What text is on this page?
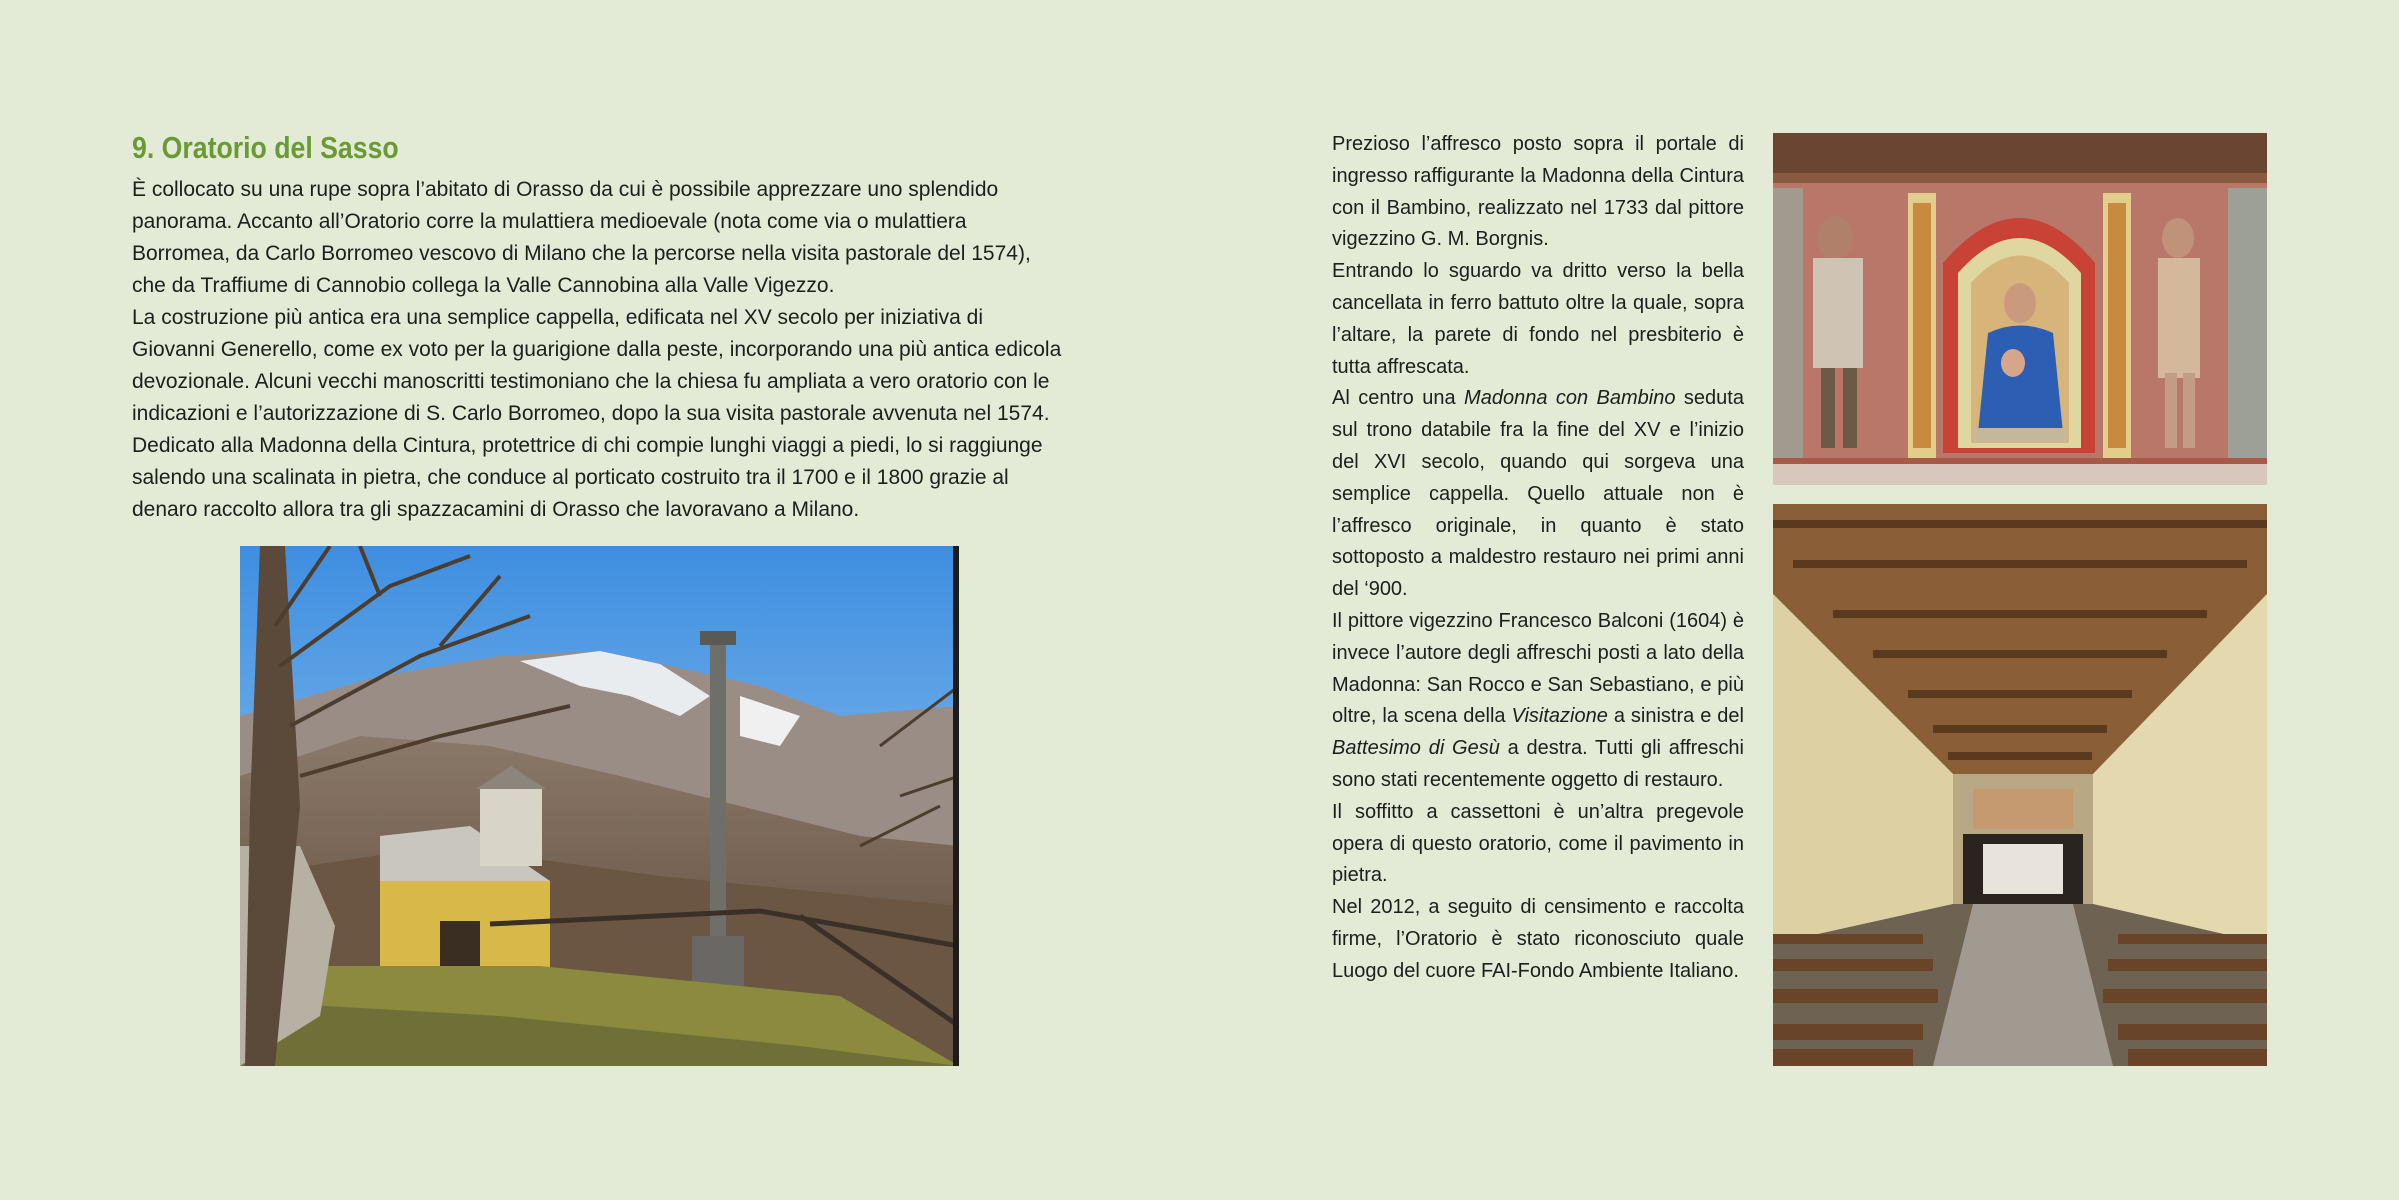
9. Oratorio del Sasso

È collocato su una rupe sopra l’abitato di Orasso da cui è possibile apprezzare uno splendido panorama. Accanto all’Oratorio corre la mulattiera medioevale (nota come via o mulattiera Borromea, da Carlo Borromeo vescovo di Milano che la percorse nella visita pastorale del 1574), che da Traffiume di Cannobio collega la Valle Cannobina alla Valle Vigezzo.

La costruzione più antica era una semplice cappella, edificata nel XV secolo per iniziativa di Giovanni Generello, come ex voto per la guarigione dalla peste, incorporando una più antica edicola devozionale. Alcuni vecchi manoscritti testimoniano che la chiesa fu ampliata a vero oratorio con le indicazioni e l’autorizzazione di S. Carlo Borromeo, dopo la sua visita pastorale avvenuta nel 1574.

Dedicato alla Madonna della Cintura, protettrice di chi compie lunghi viaggi a piedi, lo si raggiunge salendo una scalinata in pietra, che conduce al porticato costruito tra il 1700 e il 1800 grazie al denaro raccolto allora tra gli spazzacamini di Orasso che lavoravano a Milano.

Prezioso l’affresco posto sopra il portale di ingresso raffigurante la Madonna della Cintura con il Bambino, realizzato nel 1733 dal pittore vigezzino G. M. Borgnis.

Entrando lo sguardo va dritto verso la bella cancellata in ferro battuto oltre la quale, sopra l’altare, la parete di fondo nel presbiterio è tutta affrescata.

Al centro una Madonna con Bambino seduta sul trono databile fra la fine del XV e l’inizio del XVI secolo, quando qui sorgeva una semplice cappella. Quello attuale non è l’affresco originale, in quanto è stato sottoposto a maldestro restauro nei primi anni del ‘900.

Il pittore vigezzino Francesco Balconi (1604) è invece l’autore degli affreschi posti a lato della Madonna: San Rocco e San Sebastiano, e più oltre, la scena della Visitazione a sinistra e del Battesimo di Gesù a destra. Tutti gli affreschi sono stati recentemente oggetto di restauro.

Il soffitto a cassettoni è un’altra pregevole opera di questo oratorio, come il pavimento in pietra.

Nel 2012, a seguito di censimento e raccolta firme, l’Oratorio è stato riconosciuto quale Luogo del cuore FAI-Fondo Ambiente Italiano.
